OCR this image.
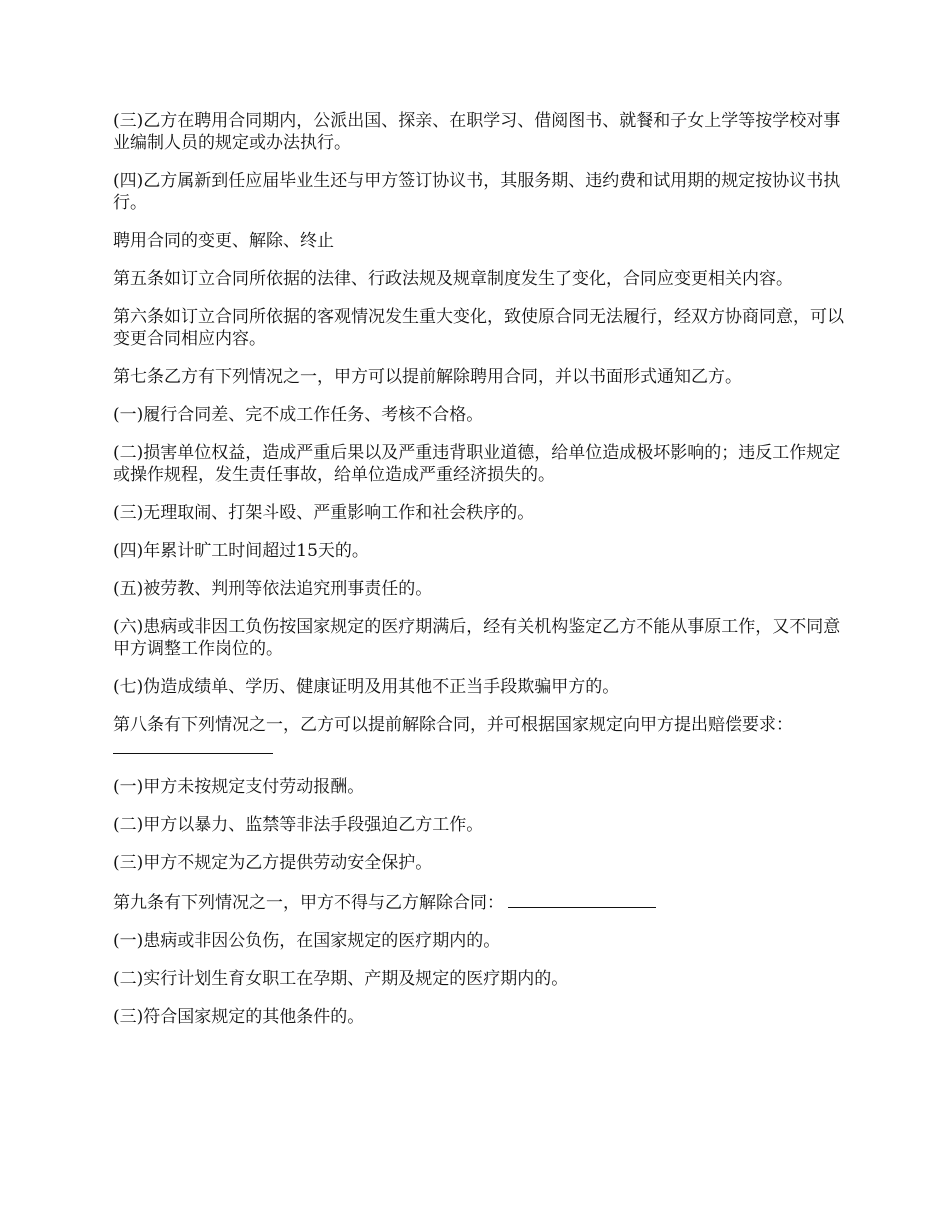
(三)乙方在聘用合同期内，公派出国、探亲、在职学习、借阅图书、就餐和子女上学等按学校对事业编制人员的规定或办法执行。

(四)乙方属新到任应届毕业生还与甲方签订协议书，其服务期、违约费和试用期的规定按协议书执行。

聘用合同的变更、解除、终止

第五条如订立合同所依据的法律、行政法规及规章制度发生了变化，合同应变更相关内容。

第六条如订立合同所依据的客观情况发生重大变化，致使原合同无法履行，经双方协商同意，可以变更合同相应内容。

第七条乙方有下列情况之一，甲方可以提前解除聘用合同，并以书面形式通知乙方。

(一)履行合同差、完不成工作任务、考核不合格。

(二)损害单位权益，造成严重后果以及严重违背职业道德，给单位造成极坏影响的；违反工作规定或操作规程，发生责任事故，给单位造成严重经济损失的。

(三)无理取闹、打架斗殴、严重影响工作和社会秩序的。

(四)年累计旷工时间超过15天的。

(五)被劳教、判刑等依法追究刑事责任的。

(六)患病或非因工负伤按国家规定的医疗期满后，经有关机构鉴定乙方不能从事原工作，又不同意甲方调整工作岗位的。

(七)伪造成绩单、学历、健康证明及用其他不正当手段欺骗甲方的。

第八条有下列情况之一，乙方可以提前解除合同，并可根据国家规定向甲方提出赔偿要求：

(一)甲方未按规定支付劳动报酬。

(二)甲方以暴力、监禁等非法手段强迫乙方工作。

(三)甲方不规定为乙方提供劳动安全保护。

第九条有下列情况之一，甲方不得与乙方解除合同：

(一)患病或非因公负伤，在国家规定的医疗期内的。

(二)实行计划生育女职工在孕期、产期及规定的医疗期内的。

(三)符合国家规定的其他条件的。
